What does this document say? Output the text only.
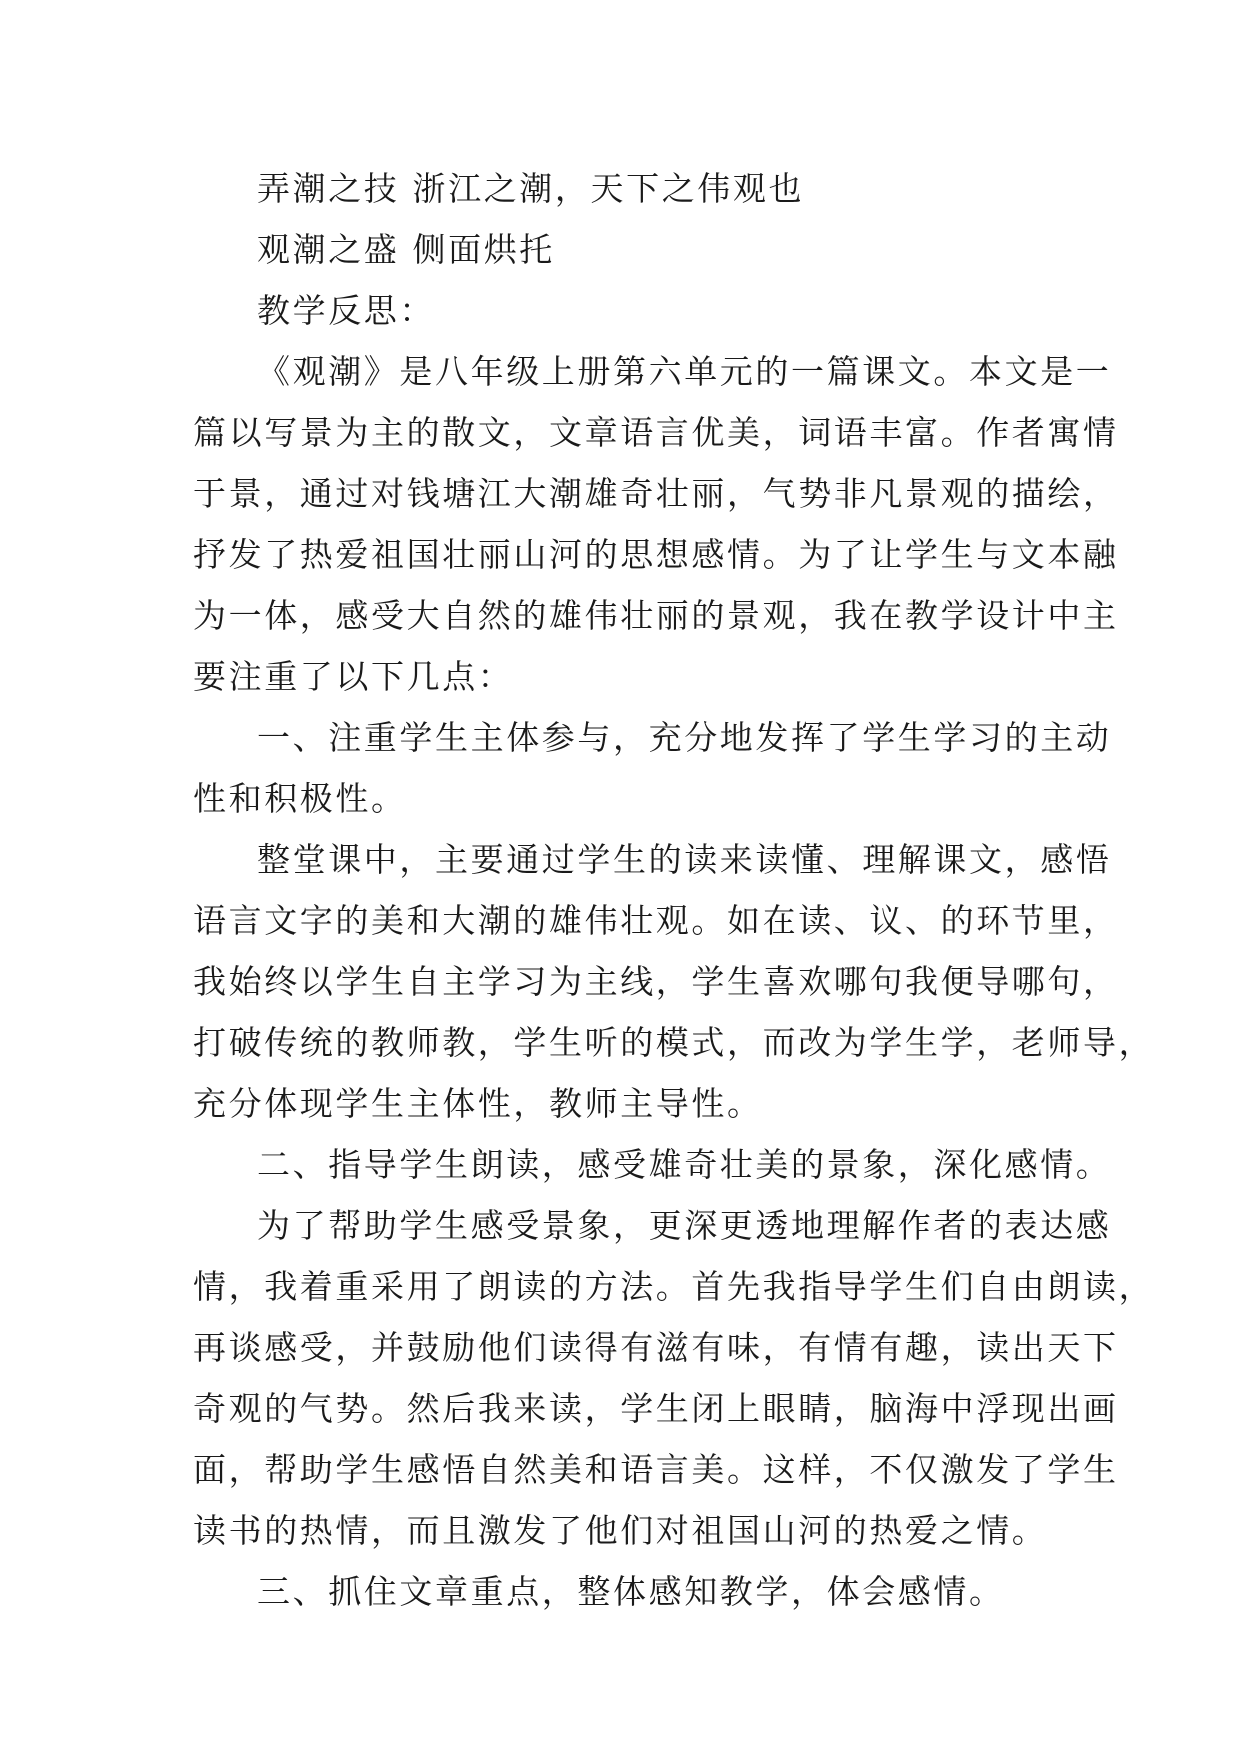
弄潮之技 浙江之潮，天下之伟观也
观潮之盛 侧面烘托
教学反思：
《观潮》是八年级上册第六单元的一篇课文。本文是一
篇以写景为主的散文，文章语言优美，词语丰富。作者寓情
于景，通过对钱塘江大潮雄奇壮丽，气势非凡景观的描绘，
抒发了热爱祖国壮丽山河的思想感情。为了让学生与文本融
为一体，感受大自然的雄伟壮丽的景观，我在教学设计中主
要注重了以下几点：
一、注重学生主体参与，充分地发挥了学生学习的主动
性和积极性。
整堂课中，主要通过学生的读来读懂、理解课文，感悟
语言文字的美和大潮的雄伟壮观。如在读、议、的环节里，
我始终以学生自主学习为主线，学生喜欢哪句我便导哪句，
打破传统的教师教，学生听的模式，而改为学生学，老师导，
充分体现学生主体性，教师主导性。
二、指导学生朗读，感受雄奇壮美的景象，深化感情。
为了帮助学生感受景象，更深更透地理解作者的表达感
情，我着重采用了朗读的方法。首先我指导学生们自由朗读，
再谈感受，并鼓励他们读得有滋有味，有情有趣，读出天下
奇观的气势。然后我来读，学生闭上眼睛，脑海中浮现出画
面，帮助学生感悟自然美和语言美。这样，不仅激发了学生
读书的热情，而且激发了他们对祖国山河的热爱之情。
三、抓住文章重点，整体感知教学，体会感情。
